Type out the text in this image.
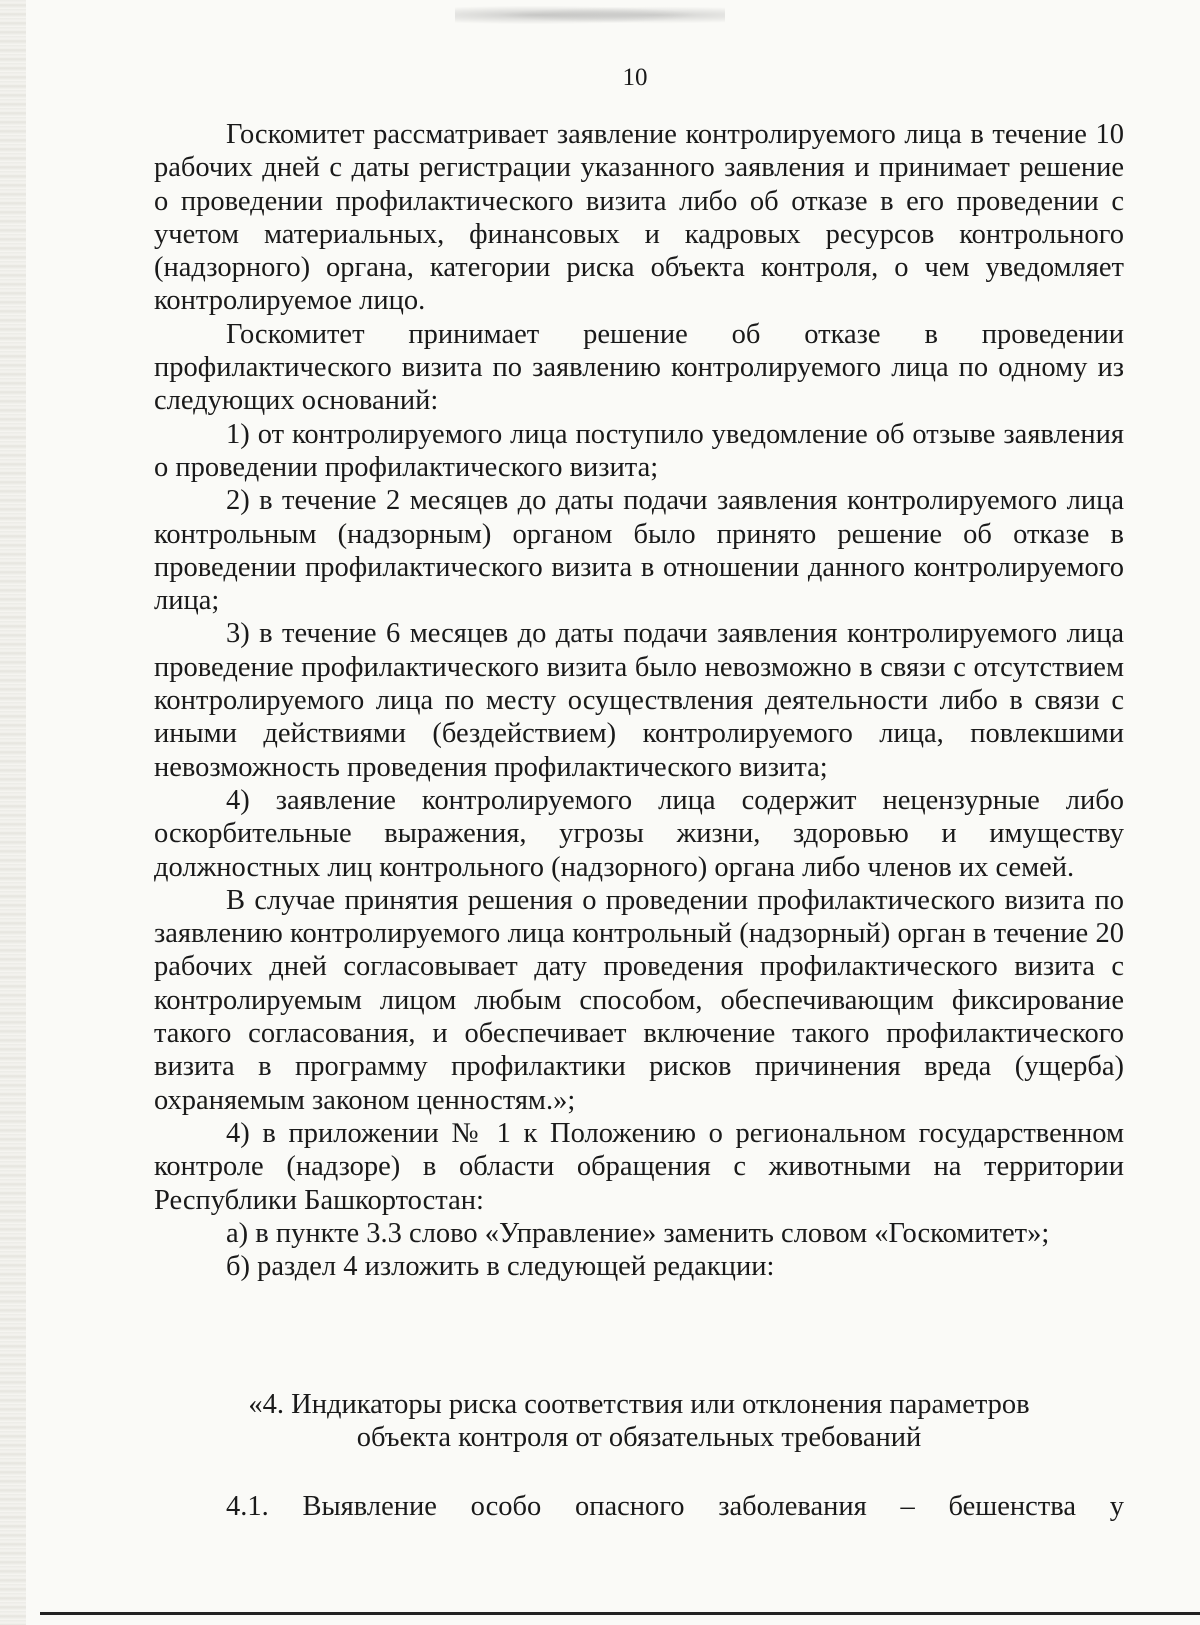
10

Госкомитет рассматривает заявление контролируемого лица в течение 10 рабочих дней с даты регистрации указанного заявления и принимает решение о проведении профилактического визита либо об отказе в его проведении с учетом материальных, финансовых и кадровых ресурсов контрольного (надзорного) органа, категории риска объекта контроля, о чем уведомляет контролируемое лицо.

Госкомитет принимает решение об отказе в проведении профилактического визита по заявлению контролируемого лица по одному из следующих оснований:

1) от контролируемого лица поступило уведомление об отзыве заявления о проведении профилактического визита;

2) в течение 2 месяцев до даты подачи заявления контролируемого лица контрольным (надзорным) органом было принято решение об отказе в проведении профилактического визита в отношении данного контролируемого лица;

3) в течение 6 месяцев до даты подачи заявления контролируемого лица проведение профилактического визита было невозможно в связи с отсутствием контролируемого лица по месту осуществления деятельности либо в связи с иными действиями (бездействием) контролируемого лица, повлекшими невозможность проведения профилактического визита;

4) заявление контролируемого лица содержит нецензурные либо оскорбительные выражения, угрозы жизни, здоровью и имуществу должностных лиц контрольного (надзорного) органа либо членов их семей.

В случае принятия решения о проведении профилактического визита по заявлению контролируемого лица контрольный (надзорный) орган в течение 20 рабочих дней согласовывает дату проведения профилактического визита с контролируемым лицом любым способом, обеспечивающим фиксирование такого согласования, и обеспечивает включение такого профилактического визита в программу профилактики рисков причинения вреда (ущерба) охраняемым законом ценностям.»;

4) в приложении № 1 к Положению о региональном государственном контроле (надзоре) в области обращения с животными на территории Республики Башкортостан:

а) в пункте 3.3 слово «Управление» заменить словом «Госкомитет»;

б) раздел 4 изложить в следующей редакции:

«4. Индикаторы риска соответствия или отклонения параметров
объекта контроля от обязательных требований
4.1. Выявление особо опасного заболевания – бешенства у
